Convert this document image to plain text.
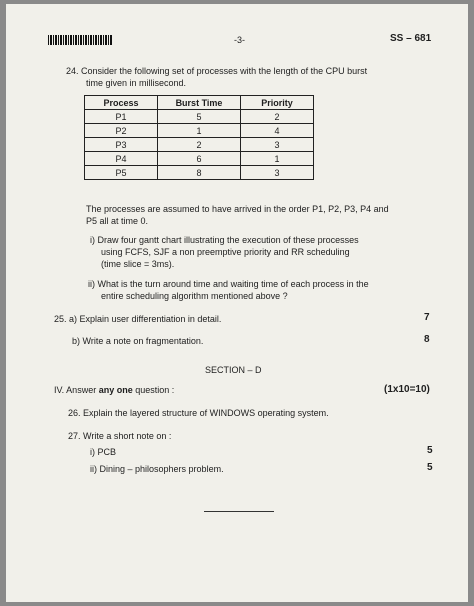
-3-	SS – 681
24. Consider the following set of processes with the length of the CPU burst
time given in millisecond.
Process	Burst Time	Priority
P1	5	2
P2	1	4
P3	2	3
P4	6	1
P5	8	3
The processes are assumed to have arrived in the order P1, P2, P3, P4 and
P5 all at time 0.
i) Draw four gantt chart illustrating the execution of these processes
using FCFS, SJF a non preemptive priority and RR scheduling
(time slice = 3ms).
ii) What is the turn around time and waiting time of each process in the
entire scheduling algorithm mentioned above ?
25. a) Explain user differentiation in detail.	7
b) Write a note on fragmentation.	8
SECTION – D
IV. Answer any one question :	(1x10=10)
26. Explain the layered structure of WINDOWS operating system.
27. Write a short note on :
i) PCB	5
ii) Dining – philosophers problem.	5
